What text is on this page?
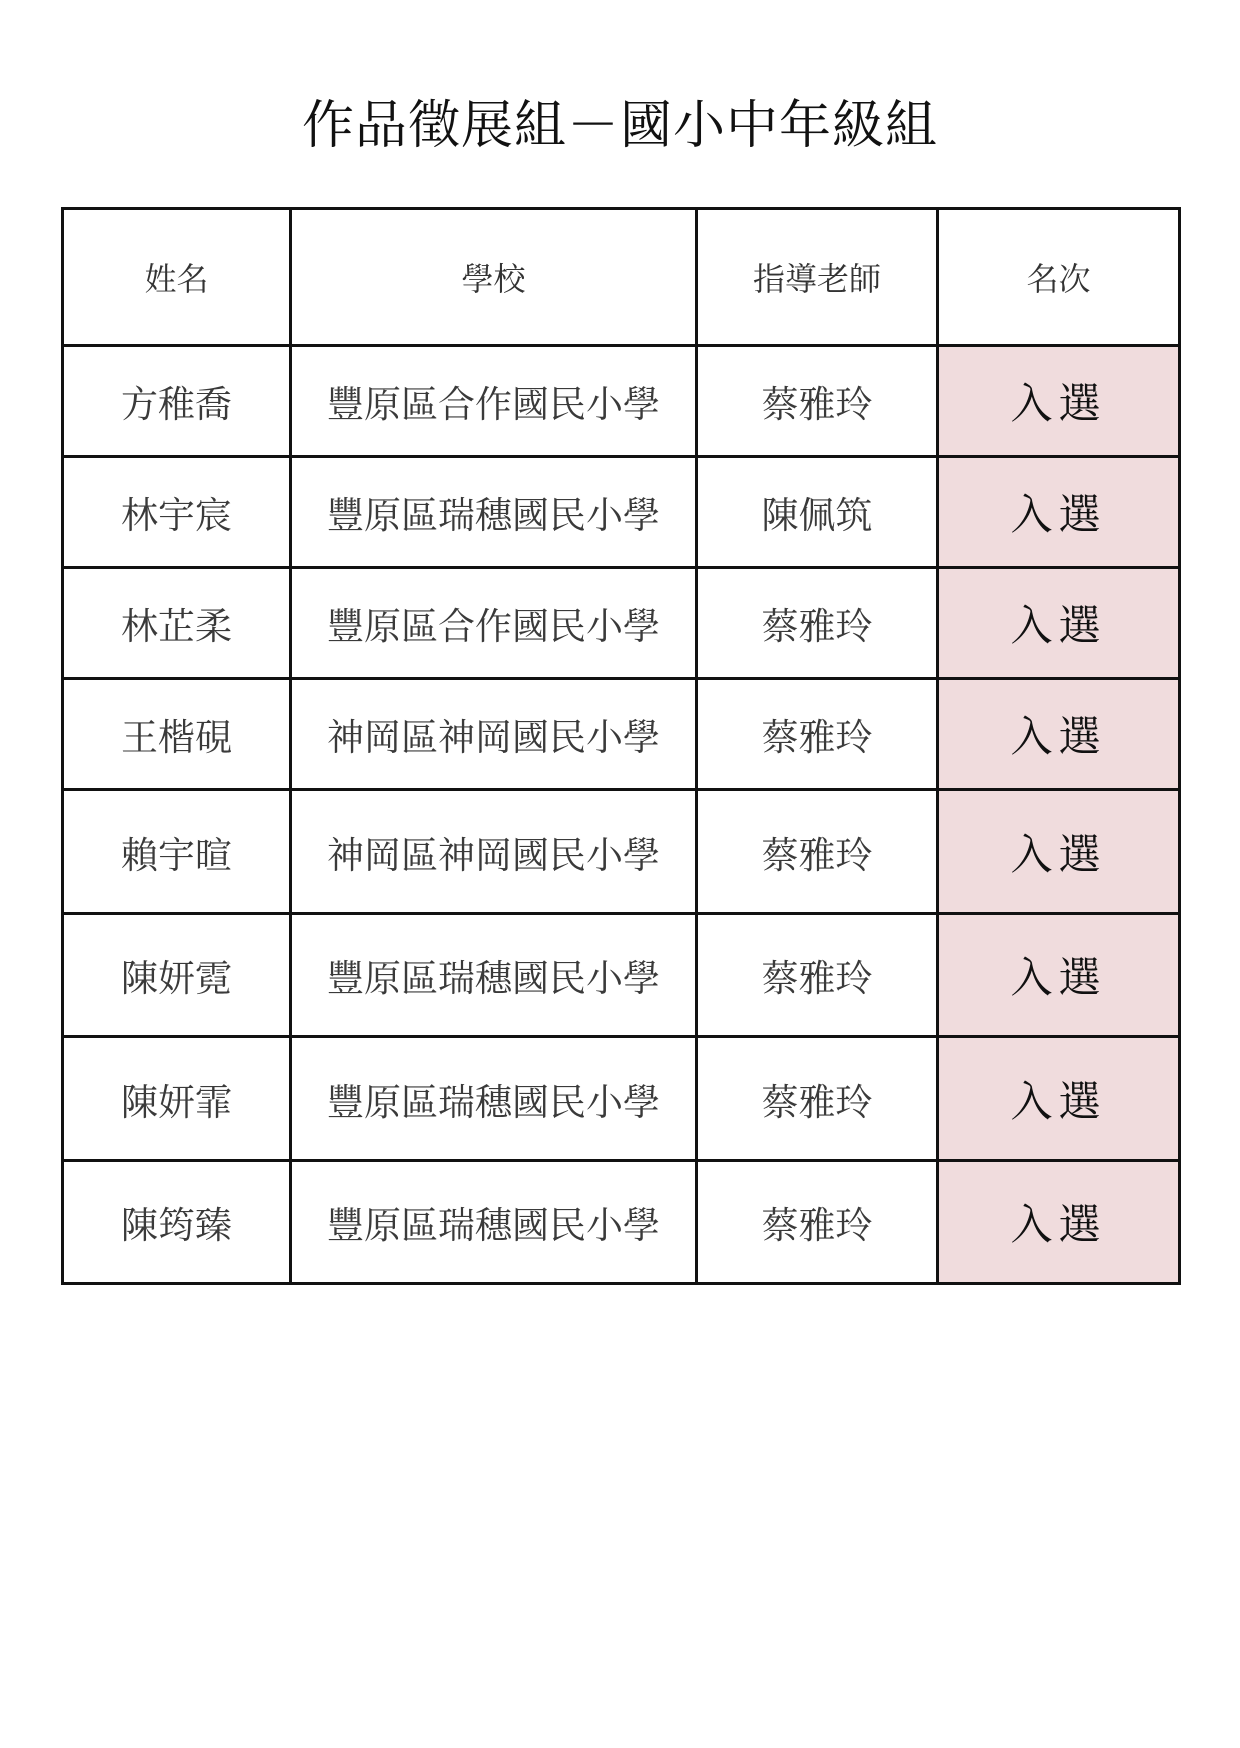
作品徵展組－國小中年級組
姓名	學校	指導老師	名次
方稚喬	豐原區合作國民小學	蔡雅玲	入選
林宇宸	豐原區瑞穗國民小學	陳佩筑	入選
林芷柔	豐原區合作國民小學	蔡雅玲	入選
王楷硯	神岡區神岡國民小學	蔡雅玲	入選
賴宇暄	神岡區神岡國民小學	蔡雅玲	入選
陳妍霓	豐原區瑞穗國民小學	蔡雅玲	入選
陳妍霏	豐原區瑞穗國民小學	蔡雅玲	入選
陳筠臻	豐原區瑞穗國民小學	蔡雅玲	入選
